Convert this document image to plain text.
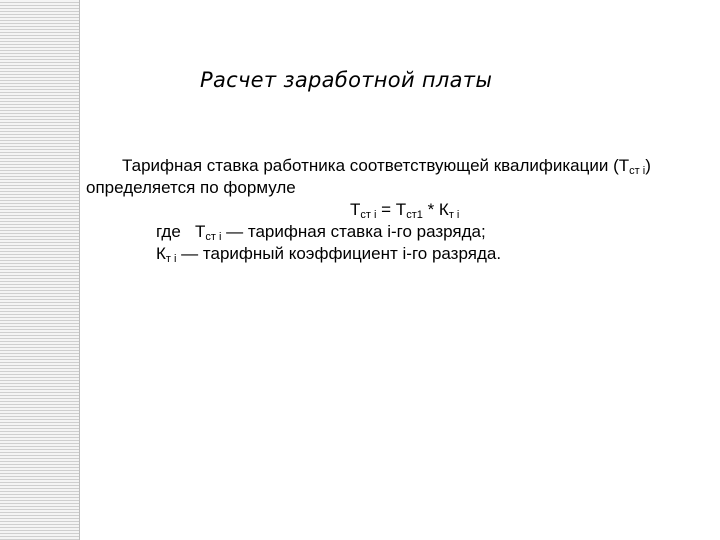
Расчет заработной платы
Тарифная ставка работника соответствующей квалификации $(Т_{ст i})$
определяется по формуле
$Т_{ст i} = Т_{ст1} * К_{т i}$
где   $Т_{ст i}$ — тарифная ставка i-го разряда;
$К_{т i}$ — тарифный коэффициент i-го разряда.
